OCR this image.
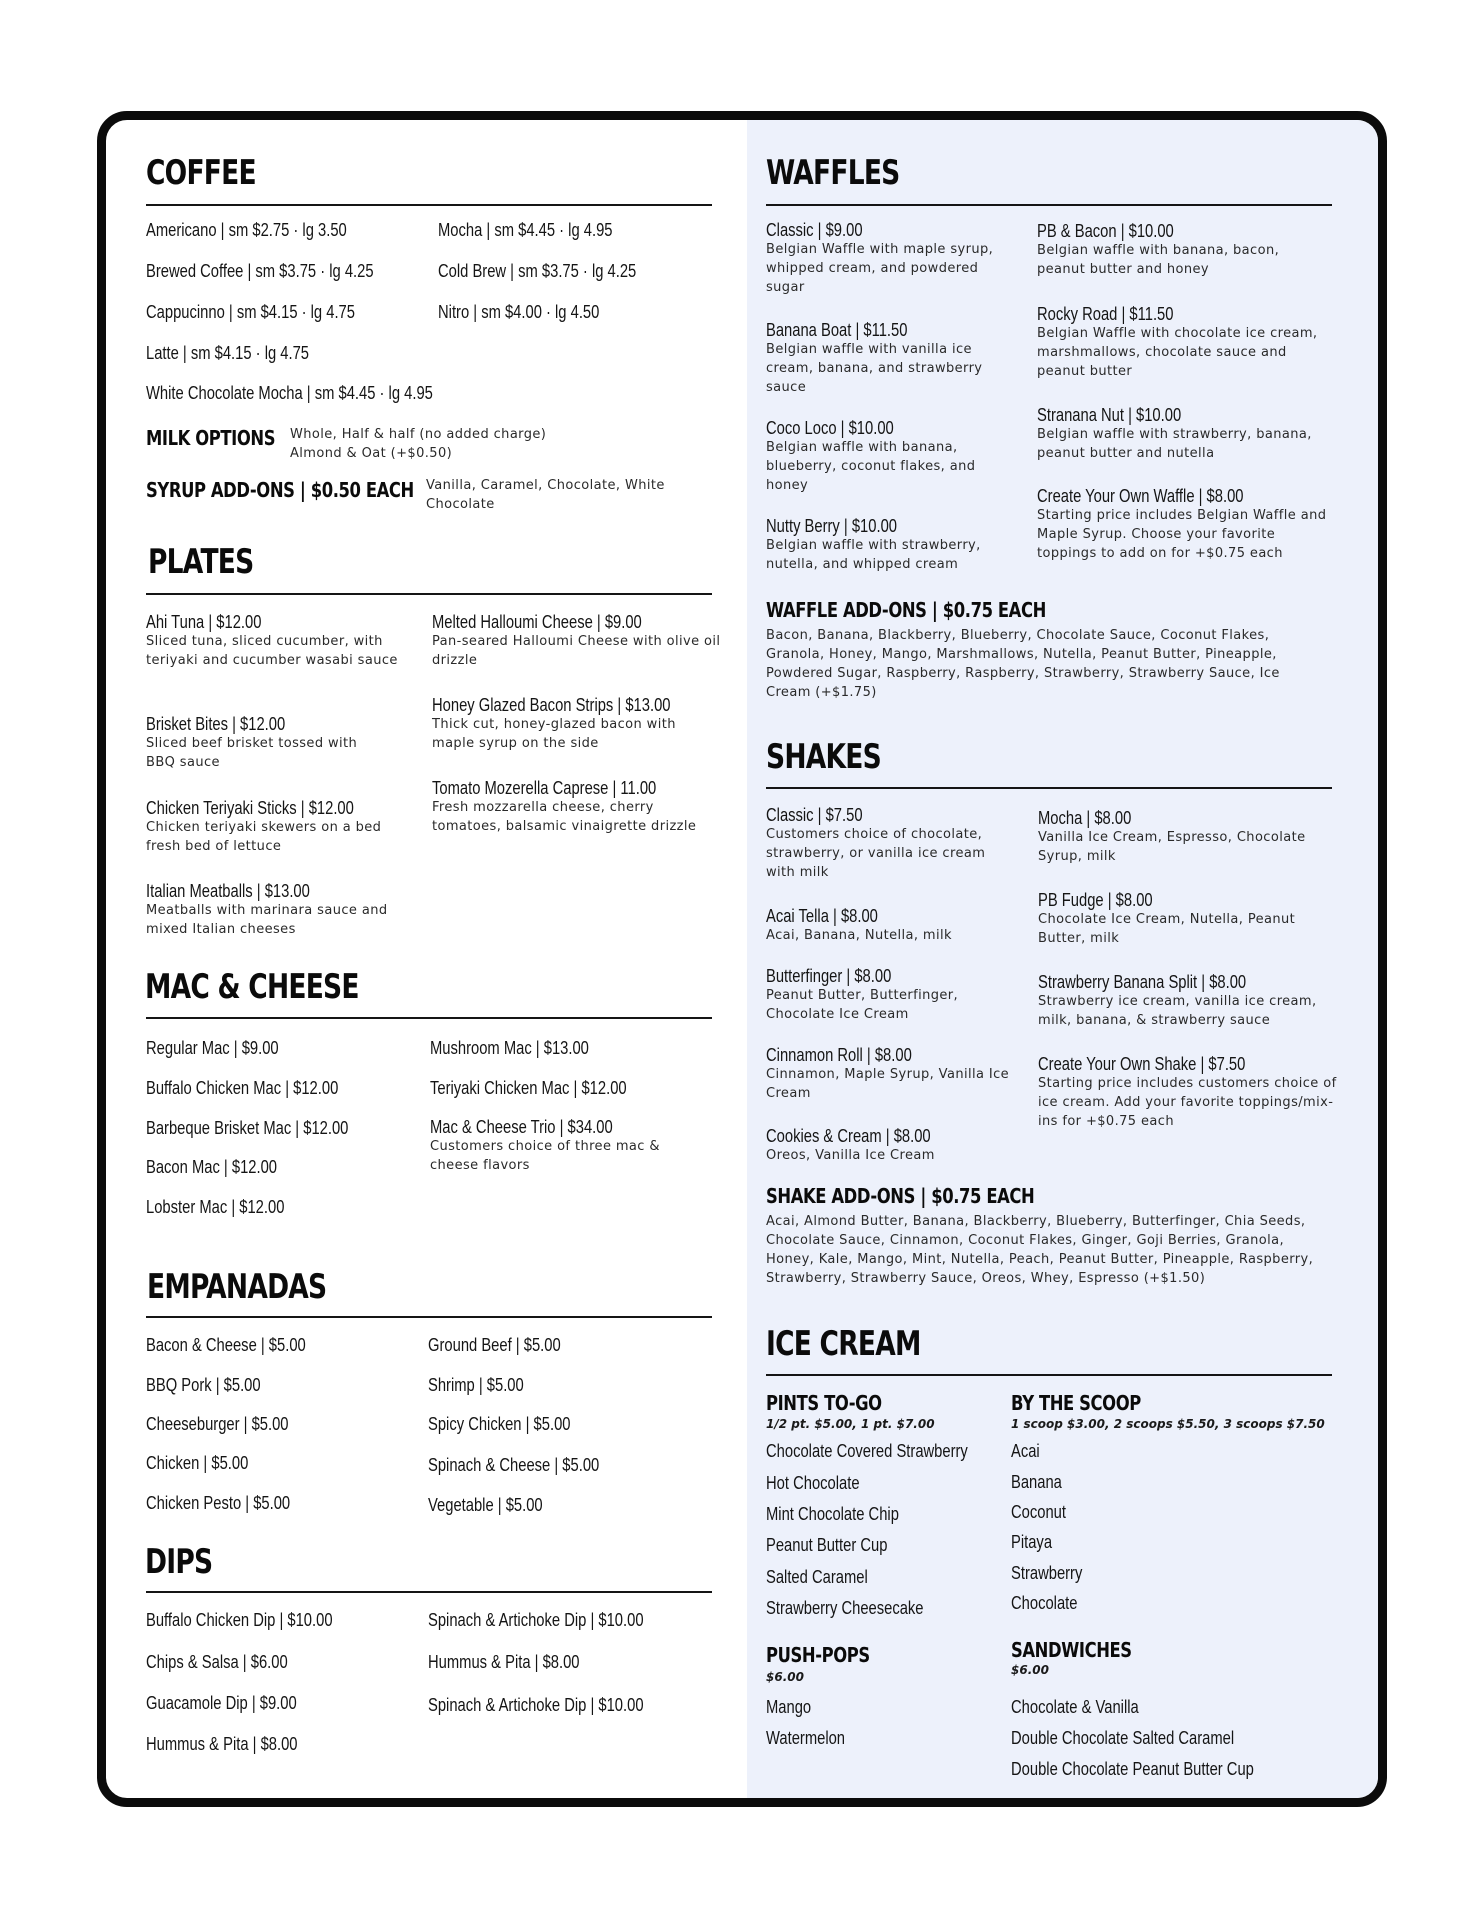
COFFEE
Americano | sm $2.75 · lg 3.50
Brewed Coffee | sm $3.75 · lg 4.25
Cappucinno | sm $4.15 · lg 4.75
Latte | sm $4.15 · lg 4.75
White Chocolate Mocha | sm $4.45 · lg 4.95
Mocha | sm $4.45 · lg 4.95
Cold Brew | sm $3.75 · lg 4.25
Nitro | sm $4.00 · lg 4.50
MILK OPTIONS Whole, Half & half (no added charge) Almond & Oat (+$0.50)
SYRUP ADD-ONS | $0.50 EACH Vanilla, Caramel, Chocolate, White Chocolate
PLATES
Ahi Tuna | $12.00
Sliced tuna, sliced cucumber, with teriyaki and cucumber wasabi sauce
Brisket Bites | $12.00
Sliced beef brisket tossed with BBQ sauce
Chicken Teriyaki Sticks | $12.00
Chicken teriyaki skewers on a bed fresh bed of lettuce
Italian Meatballs | $13.00
Meatballs with marinara sauce and mixed Italian cheeses
Melted Halloumi Cheese | $9.00
Pan-seared Halloumi Cheese with olive oil drizzle
Honey Glazed Bacon Strips | $13.00
Thick cut, honey-glazed bacon with maple syrup on the side
Tomato Mozerella Caprese | 11.00
Fresh mozzarella cheese, cherry tomatoes, balsamic vinaigrette drizzle
MAC & CHEESE
Regular Mac | $9.00
Buffalo Chicken Mac | $12.00
Barbeque Brisket Mac | $12.00
Bacon Mac | $12.00
Lobster Mac | $12.00
Mushroom Mac | $13.00
Teriyaki Chicken Mac | $12.00
Mac & Cheese Trio | $34.00
Customers choice of three mac & cheese flavors
EMPANADAS
Bacon & Cheese | $5.00
BBQ Pork | $5.00
Cheeseburger | $5.00
Chicken | $5.00
Chicken Pesto | $5.00
Ground Beef | $5.00
Shrimp | $5.00
Spicy Chicken | $5.00
Spinach & Cheese | $5.00
Vegetable | $5.00
DIPS
Buffalo Chicken Dip | $10.00
Chips & Salsa | $6.00
Guacamole Dip | $9.00
Hummus & Pita | $8.00
Spinach & Artichoke Dip | $10.00
Hummus & Pita | $8.00
Spinach & Artichoke Dip | $10.00
WAFFLES
Classic | $9.00
Belgian Waffle with maple syrup, whipped cream, and powdered sugar
Banana Boat | $11.50
Belgian waffle with vanilla ice cream, banana, and strawberry sauce
Coco Loco | $10.00
Belgian waffle with banana, blueberry, coconut flakes, and honey
Nutty Berry | $10.00
Belgian waffle with strawberry, nutella, and whipped cream
PB & Bacon | $10.00
Belgian waffle with banana, bacon, peanut butter and honey
Rocky Road | $11.50
Belgian Waffle with chocolate ice cream, marshmallows, chocolate sauce and peanut butter
Stranana Nut | $10.00
Belgian waffle with strawberry, banana, peanut butter and nutella
Create Your Own Waffle | $8.00
Starting price includes Belgian Waffle and Maple Syrup. Choose your favorite toppings to add on for +$0.75 each
WAFFLE ADD-ONS | $0.75 EACH
Bacon, Banana, Blackberry, Blueberry, Chocolate Sauce, Coconut Flakes, Granola, Honey, Mango, Marshmallows, Nutella, Peanut Butter, Pineapple, Powdered Sugar, Raspberry, Raspberry, Strawberry, Strawberry Sauce, Ice Cream (+$1.75)
SHAKES
Classic | $7.50
Customers choice of chocolate, strawberry, or vanilla ice cream with milk
Acai Tella | $8.00
Acai, Banana, Nutella, milk
Butterfinger | $8.00
Peanut Butter, Butterfinger, Chocolate Ice Cream
Cinnamon Roll | $8.00
Cinnamon, Maple Syrup, Vanilla Ice Cream
Cookies & Cream | $8.00
Oreos, Vanilla Ice Cream
Mocha | $8.00
Vanilla Ice Cream, Espresso, Chocolate Syrup, milk
PB Fudge | $8.00
Chocolate Ice Cream, Nutella, Peanut Butter, milk
Strawberry Banana Split | $8.00
Strawberry ice cream, vanilla ice cream, milk, banana, & strawberry sauce
Create Your Own Shake | $7.50
Starting price includes customers choice of ice cream. Add your favorite toppings/mix-ins for +$0.75 each
SHAKE ADD-ONS | $0.75 EACH
Acai, Almond Butter, Banana, Blackberry, Blueberry, Butterfinger, Chia Seeds, Chocolate Sauce, Cinnamon, Coconut Flakes, Ginger, Goji Berries, Granola, Honey, Kale, Mango, Mint, Nutella, Peach, Peanut Butter, Pineapple, Raspberry, Strawberry, Strawberry Sauce, Oreos, Whey, Espresso (+$1.50)
ICE CREAM
PINTS TO-GO
1/2 pt. $5.00, 1 pt. $7.00
Chocolate Covered Strawberry
Hot Chocolate
Mint Chocolate Chip
Peanut Butter Cup
Salted Caramel
Strawberry Cheesecake
BY THE SCOOP
1 scoop $3.00, 2 scoops $5.50, 3 scoops $7.50
Acai
Banana
Coconut
Pitaya
Strawberry
Chocolate
PUSH-POPS
$6.00
Mango
Watermelon
SANDWICHES
$6.00
Chocolate & Vanilla
Double Chocolate Salted Caramel
Double Chocolate Peanut Butter Cup
